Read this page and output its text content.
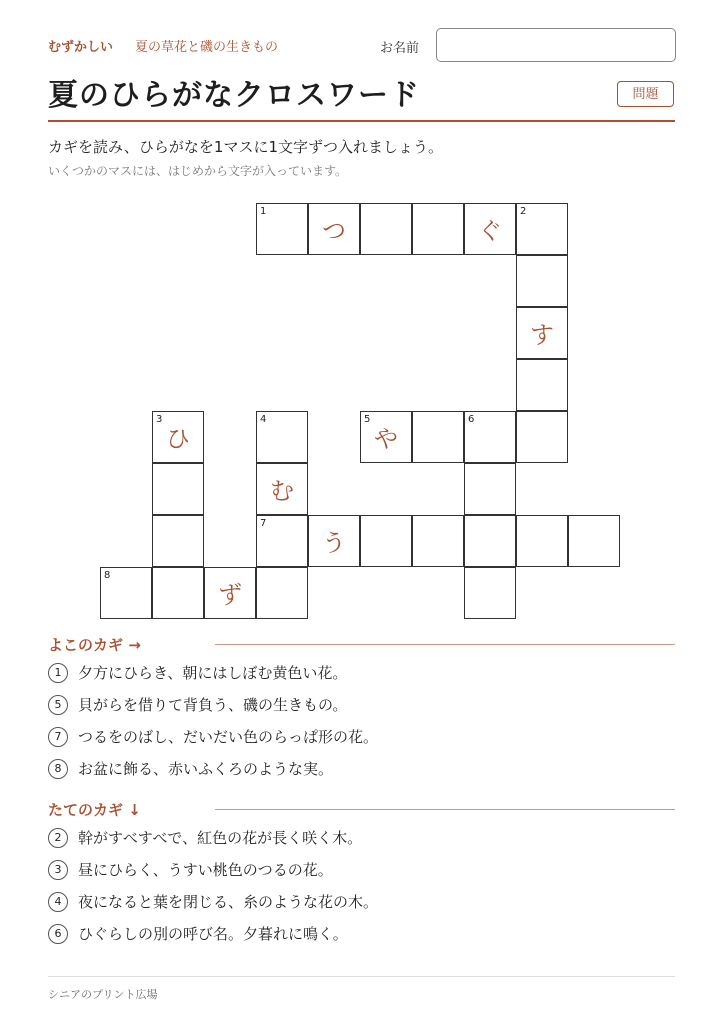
むずかしい 夏の草花と磯の生きもの	お名前
夏のひらがなクロスワード	問題
カギを読み、ひらがなを1マスに1文字ずつ入れましょう。
いくつかのマスには、はじめから文字が入っています。
1
つ	ぐ
2
す
3
ひ
4	5
や
6
む
7
う
8
ず
よこのカギ →
1 夕方にひらき、朝にはしぼむ黄色い花。
5 貝がらを借りて背負う、磯の生きもの。
7 つるをのばし、だいだい色のらっぱ形の花。
8 お盆に飾る、赤いふくろのような実。
たてのカギ ↓
2 幹がすべすべで、紅色の花が長く咲く木。
3 昼にひらく、うすい桃色のつるの花。
4 夜になると葉を閉じる、糸のような花の木。
6 ひぐらしの別の呼び名。夕暮れに鳴く。
シニアのプリント広場
